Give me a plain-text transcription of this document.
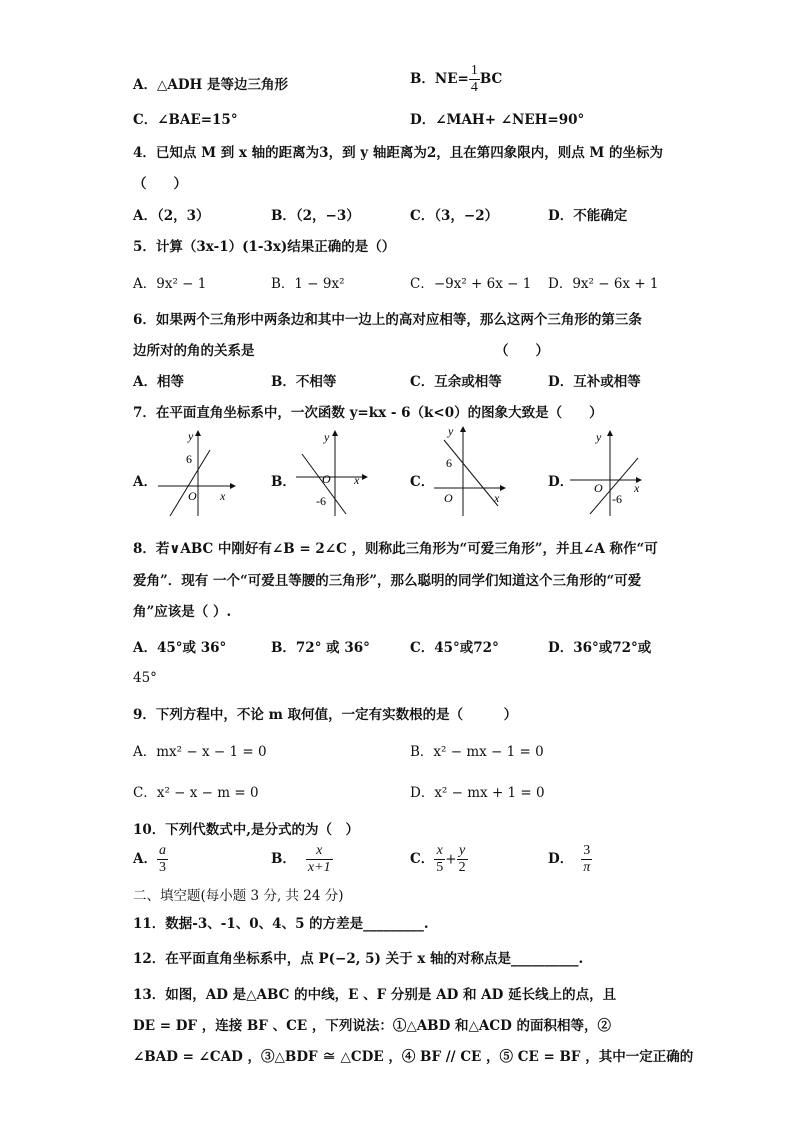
A．△ADH 是等边三角形	B．$NE= \frac{1}{4}$ BC
C．∠BAE=15°	D．∠MAH+ ∠NEH=90°
4．已知点 M 到 x 轴的距离为3，到 y 轴距离为2，且在第四象限内，则点 M 的坐标为
（　　）
A．（2，3）	B．（2，−3）	C．（3，−2）	D．不能确定
5．计算（3x-1）(1-3x)结果正确的是（）
A．9x² − 1	B．1 − 9x²	C．−9x² + 6x − 1 D．9x² − 6x + 1
6．如果两个三角形中两条边和其中一边上的高对应相等，那么这两个三角形的第三条
边所对的角的关系是	（　　）
A．相等	B．不相等	C．互余或相等	D．互补或相等
7．在平面直角坐标系中，一次函数 y=kx - 6（k<0）的图象大致是（　　）
A．
y
6
O x
B．
y
O x
-6
C．
y
6
O	x
D．
y
O	x
-6
8．若∨ABC 中刚好有∠B = 2∠C ，则称此三角形为“可爱三角形”，并且∠A 称作“可
爱角”．现有 一个“可爱且等腰的三角形”，那么聪明的同学们知道这个三角形的“可爱
角”应该是（ ）.
A．45°或 36°	B．72° 或 36°	C．45°或72°	D．36°或72°或
45°
9．下列方程中，不论 m 取何值，一定有实数根的是（　　　）
A．mx² − x − 1 = 0	B．x² − mx − 1 = 0
C．x² − x − m = 0	D．x² − mx + 1 = 0
10．下列代数式中,是分式的为（　）
A． $\frac{a}{3}$	B． $\frac{x}{x+1}$	C． $\frac{x}{5} + \frac{y}{2}$	D． $\frac{3}{\pi}$
二、填空题(每小题 3 分, 共 24 分)
11．数据-3、-1、0、4、5 的方差是_________.
12．在平面直角坐标系中，点 P(−2, 5) 关于 x 轴的对称点是__________.
13．如图，AD 是△ABC 的中线，E 、F 分别是 AD 和 AD 延长线上的点，且
DE = DF ，连接 BF 、CE ，下列说法：①△ABD 和△ACD 的面积相等，②
∠BAD = ∠CAD ，③△BDF ≅ △CDE ，④ BF // CE ，⑤ CE = BF ，其中一定正确的
